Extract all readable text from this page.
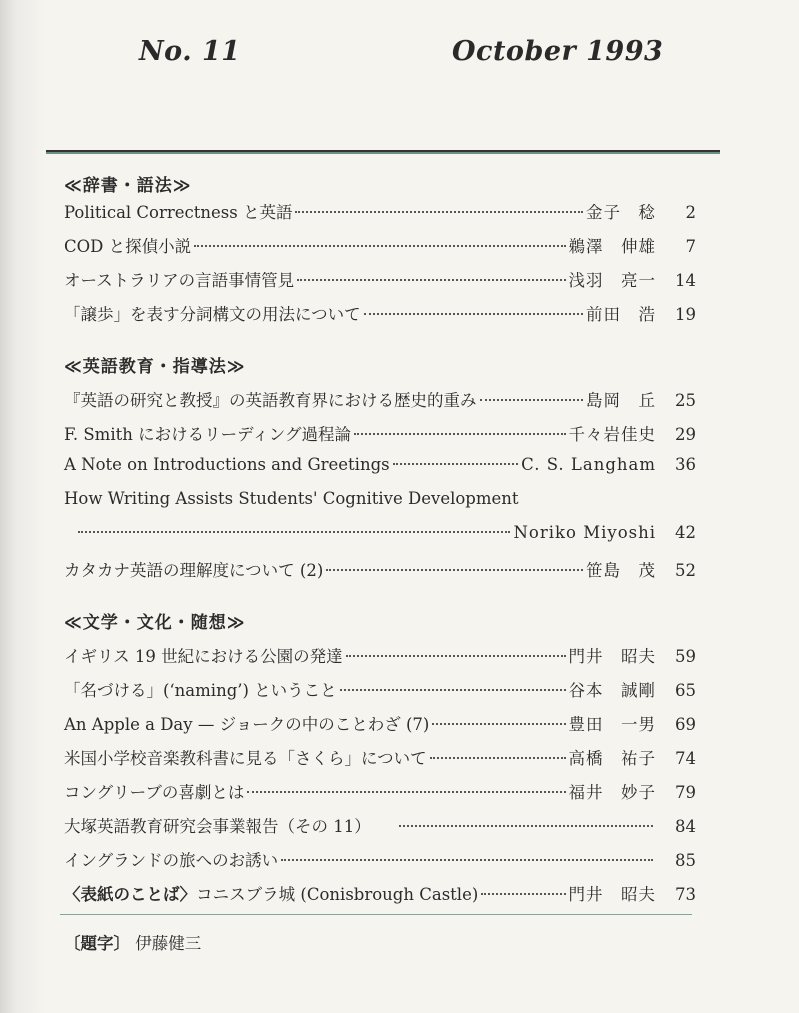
No. 11	October 1993
≪辞書・語法≫
Political Correctness と英語	金子　稔	2
COD と探偵小説	鵜澤　伸雄	7
オーストラリアの言語事情管見	浅羽　亮一	14
「譲歩」を表す分詞構文の用法について	前田　浩	19
≪英語教育・指導法≫
『英語の研究と教授』の英語教育界における歴史的重み	島岡　丘	25
F. Smith におけるリーディング過程論	千々岩佳史	29
A Note on Introductions and Greetings	C. S. Langham	36
How Writing Assists Students' Cognitive Development
Noriko Miyoshi	42
カタカナ英語の理解度について (2)	笹島　茂	52
≪文学・文化・随想≫
イギリス 19 世紀における公園の発達	門井　昭夫	59
「名づける」(‘naming’) ということ	谷本　誠剛	65
An Apple a Day — ジョークの中のことわざ (7)	豊田　一男	69
米国小学校音楽教科書に見る「さくら」について	高橋　祐子	74
コングリーブの喜劇とは	福井　妙子	79
大塚英語教育研究会事業報告（その 11）	84
イングランドの旅へのお誘い	85
〈表紙のことば〉 コニスブラ城 (Conisbrough Castle)	門井　昭夫	73
〔題字〕 伊藤健三
